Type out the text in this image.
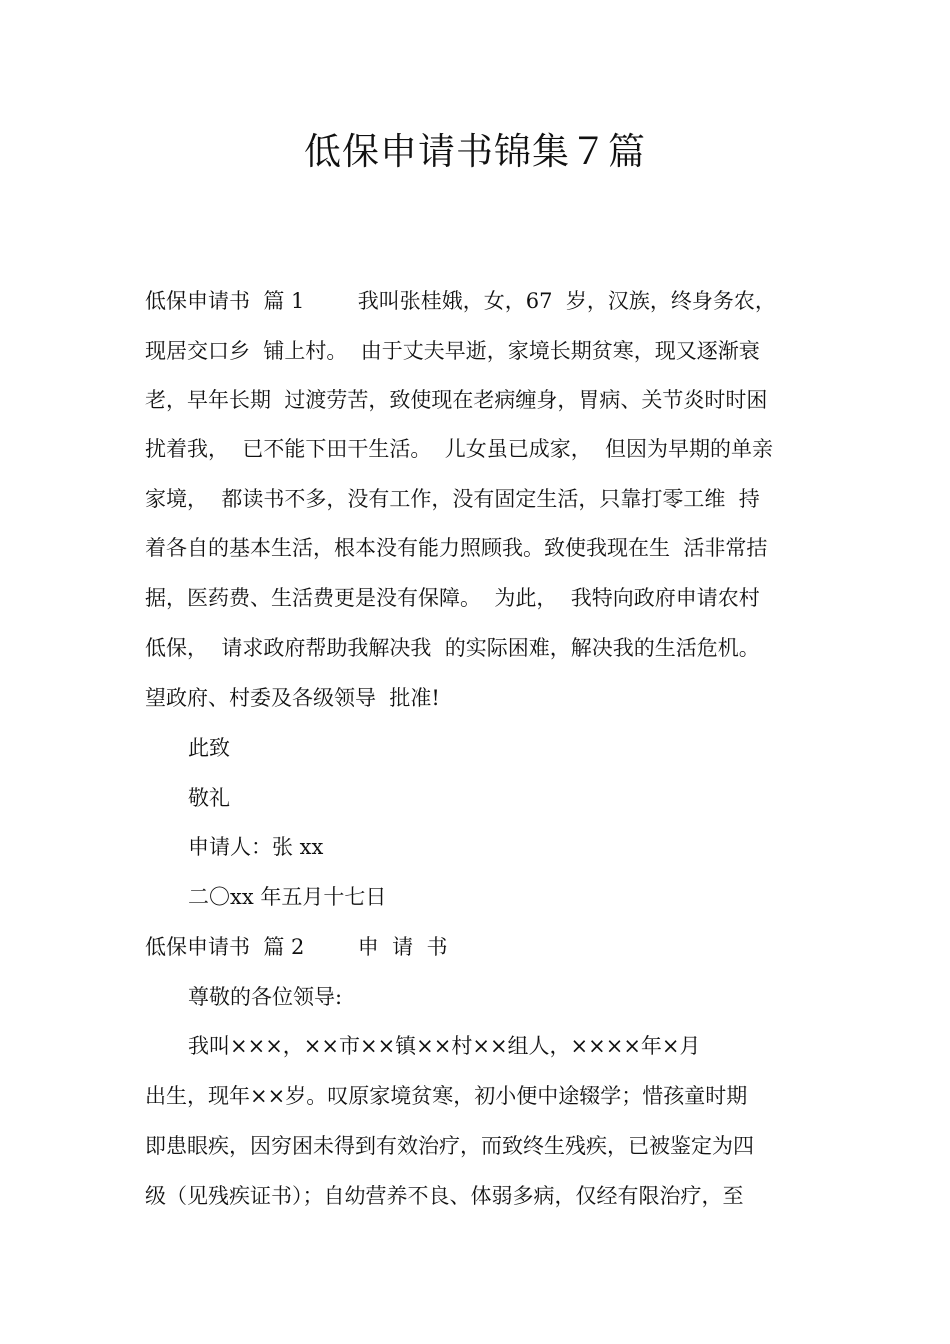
低保申请书锦集７篇
低保申请书  篇 1        我叫张桂娥，女，67  岁，汉族，终身务农，
现居交口乡  铺上村。  由于丈夫早逝，家境长期贫寒，现又逐渐衰
老，早年长期  过渡劳苦，致使现在老病缠身，胃病、关节炎时时困
扰着我，  已不能下田干生活。  儿女虽已成家，  但因为早期的单亲
家境，  都读书不多，没有工作，没有固定生活，只靠打零工维  持
着各自的基本生活，根本没有能力照顾我。致使我现在生  活非常拮
据，医药费、生活费更是没有保障。  为此，  我特向政府申请农村
低保，  请求政府帮助我解决我  的实际困难，解决我的生活危机。
望政府、村委及各级领导  批准!
此致
敬礼
申请人：张 xx
二〇xx 年五月十七日
低保申请书  篇 2        申  请  书
尊敬的各位领导:
我叫×××，××市××镇××村××组人，××××年×月
出生，现年××岁。叹原家境贫寒，初小便中途辍学；惜孩童时期
即患眼疾，因穷困未得到有效治疗，而致终生残疾，已被鉴定为四
级（见残疾证书）；自幼营养不良、体弱多病，仅经有限治疗，至
